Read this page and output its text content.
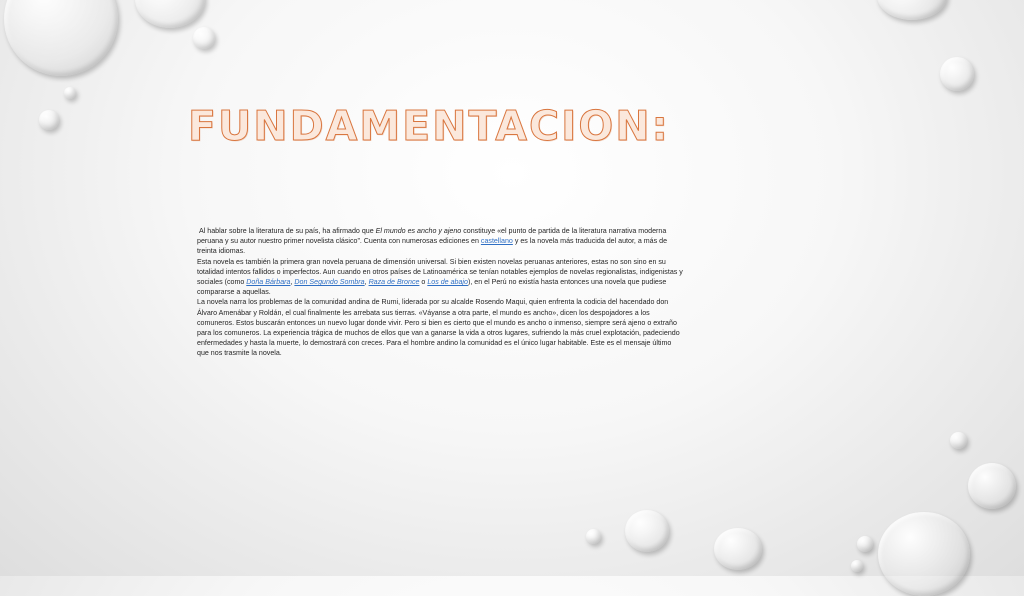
FUNDAMENTACION:

Al hablar sobre la literatura de su país, ha afirmado que El mundo es ancho y ajeno constituye «el punto de partida de la literatura narrativa moderna peruana y su autor nuestro primer novelista clásico”. Cuenta con numerosas ediciones en castellano y es la novela más traducida del autor, a más de treinta idiomas.

Esta novela es también la primera gran novela peruana de dimensión universal. Si bien existen novelas peruanas anteriores, estas no son sino en su totalidad intentos fallidos o imperfectos. Aun cuando en otros países de Latinoamérica se tenían notables ejemplos de novelas regionalistas, indigenistas y sociales (como Doña Bárbara, Don Segundo Sombra, Raza de Bronce o Los de abajo), en el Perú no existía hasta entonces una novela que pudiese compararse a aquellas.

La novela narra los problemas de la comunidad andina de Rumi, liderada por su alcalde Rosendo Maqui, quien enfrenta la codicia del hacendado don Álvaro Amenábar y Roldán, el cual finalmente les arrebata sus tierras. «Váyanse a otra parte, el mundo es ancho», dicen los despojadores a los comuneros. Estos buscarán entonces un nuevo lugar donde vivir. Pero si bien es cierto que el mundo es ancho o inmenso, siempre será ajeno o extraño para los comuneros. La experiencia trágica de muchos de ellos que van a ganarse la vida a otros lugares, sufriendo la más cruel explotación, padeciendo enfermedades y hasta la muerte, lo demostrará con creces. Para el hombre andino la comunidad es el único lugar habitable. Este es el mensaje último que nos trasmite la novela.
